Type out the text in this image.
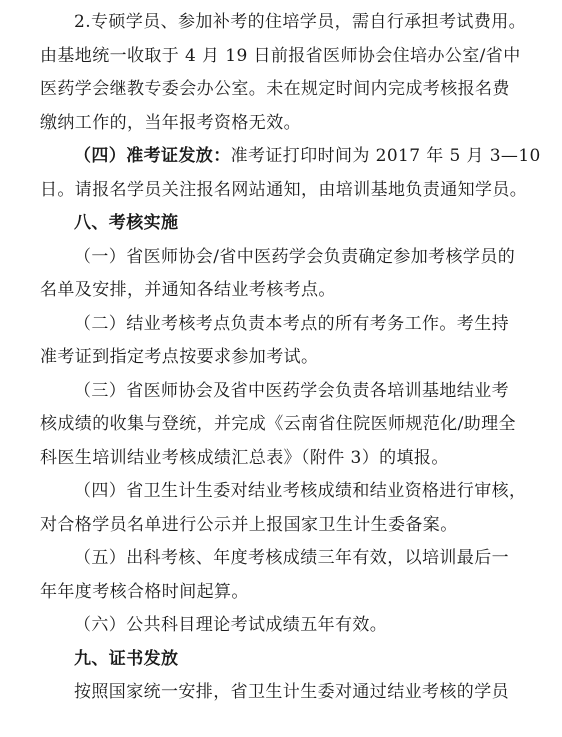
2.专硕学员、参加补考的住培学员，需自行承担考试费用。
由基地统一收取于 4 月 19 日前报省医师协会住培办公室/省中
医药学会继教专委会办公室。未在规定时间内完成考核报名费
缴纳工作的，当年报考资格无效。
（四）准考证发放：准考证打印时间为 2017 年 5 月 3—10
日。请报名学员关注报名网站通知，由培训基地负责通知学员。
八、考核实施
（一）省医师协会/省中医药学会负责确定参加考核学员的
名单及安排，并通知各结业考核考点。
（二）结业考核考点负责本考点的所有考务工作。考生持
准考证到指定考点按要求参加考试。
（三）省医师协会及省中医药学会负责各培训基地结业考
核成绩的收集与登统，并完成《云南省住院医师规范化/助理全
科医生培训结业考核成绩汇总表》（附件 3）的填报。
（四）省卫生计生委对结业考核成绩和结业资格进行审核，
对合格学员名单进行公示并上报国家卫生计生委备案。
（五）出科考核、年度考核成绩三年有效，以培训最后一
年年度考核合格时间起算。
（六）公共科目理论考试成绩五年有效。
九、证书发放
按照国家统一安排，省卫生计生委对通过结业考核的学员
